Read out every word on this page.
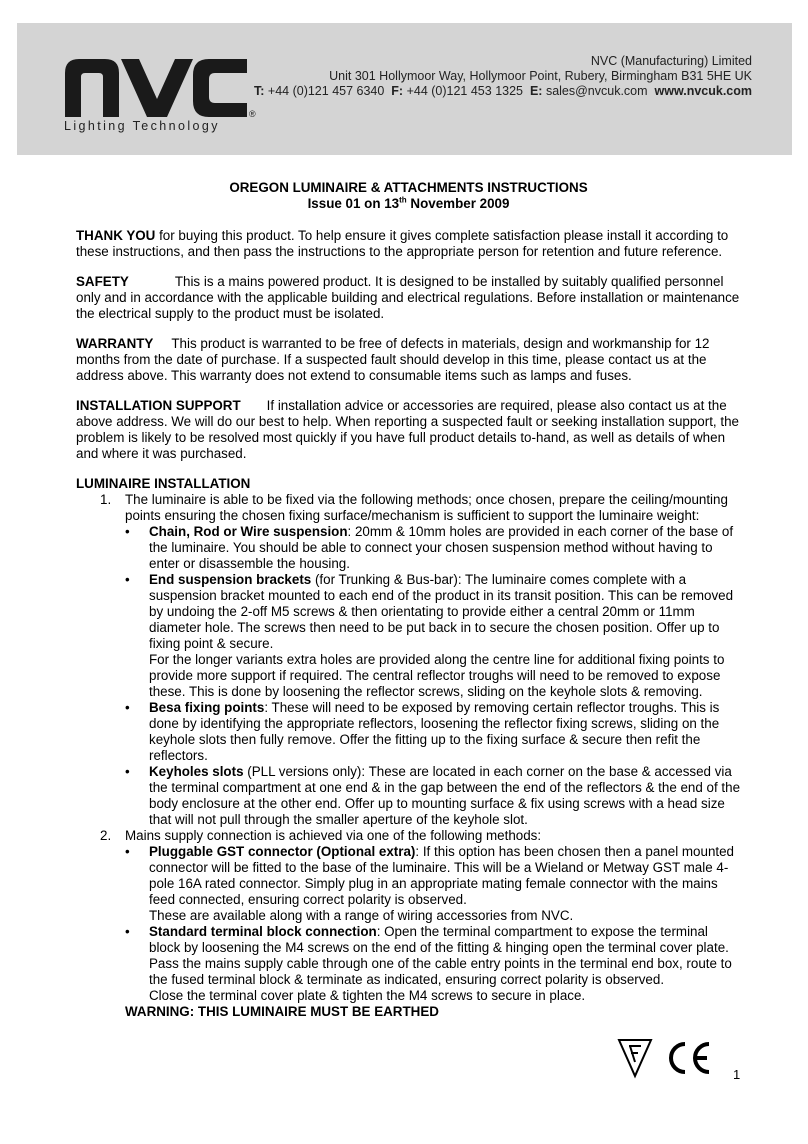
®
Lighting Technology
NVC (Manufacturing) Limited
Unit 301 Hollymoor Way, Hollymoor Point, Rubery, Birmingham B31 5HE UK
T: +44 (0)121 457 6340 F: +44 (0)121 453 1325 E: sales@nvcuk.com www.nvcuk.com
OREGON LUMINAIRE & ATTACHMENTS INSTRUCTIONS
Issue 01 on 13th November 2009
THANK YOU for buying this product. To help ensure it gives complete satisfaction please install it according to these instructions, and then pass the instructions to the appropriate person for retention and future reference.
SAFETY	This is a mains powered product. It is designed to be installed by suitably qualified personnel only and in accordance with the applicable building and electrical regulations. Before installation or maintenance the electrical supply to the product must be isolated.
WARRANTY This product is warranted to be free of defects in materials, design and workmanship for 12 months from the date of purchase. If a suspected fault should develop in this time, please contact us at the address above. This warranty does not extend to consumable items such as lamps and fuses.
INSTALLATION SUPPORT If installation advice or accessories are required, please also contact us at the above address. We will do our best to help. When reporting a suspected fault or seeking installation support, the problem is likely to be resolved most quickly if you have full product details to-hand, as well as details of when and where it was purchased.
LUMINAIRE INSTALLATION
1. The luminaire is able to be fixed via the following methods; once chosen, prepare the ceiling/mounting points ensuring the chosen fixing surface/mechanism is sufficient to support the luminaire weight:
• Chain, Rod or Wire suspension: 20mm & 10mm holes are provided in each corner of the base of the luminaire. You should be able to connect your chosen suspension method without having to enter or disassemble the housing.
• End suspension brackets (for Trunking & Bus-bar): The luminaire comes complete with a suspension bracket mounted to each end of the product in its transit position. This can be removed by undoing the 2-off M5 screws & then orientating to provide either a central 20mm or 11mm diameter hole. The screws then need to be put back in to secure the chosen position. Offer up to fixing point & secure.
For the longer variants extra holes are provided along the centre line for additional fixing points to provide more support if required. The central reflector troughs will need to be removed to expose these. This is done by loosening the reflector screws, sliding on the keyhole slots & removing.
• Besa fixing points: These will need to be exposed by removing certain reflector troughs. This is done by identifying the appropriate reflectors, loosening the reflector fixing screws, sliding on the keyhole slots then fully remove. Offer the fitting up to the fixing surface & secure then refit the reflectors.
• Keyholes slots (PLL versions only): These are located in each corner on the base & accessed via the terminal compartment at one end & in the gap between the end of the reflectors & the end of the body enclosure at the other end. Offer up to mounting surface & fix using screws with a head size that will not pull through the smaller aperture of the keyhole slot.
2. Mains supply connection is achieved via one of the following methods:
• Pluggable GST connector (Optional extra): If this option has been chosen then a panel mounted connector will be fitted to the base of the luminaire. This will be a Wieland or Metway GST male 4-pole 16A rated connector. Simply plug in an appropriate mating female connector with the mains feed connected, ensuring correct polarity is observed.
These are available along with a range of wiring accessories from NVC.
• Standard terminal block connection: Open the terminal compartment to expose the terminal block by loosening the M4 screws on the end of the fitting & hinging open the terminal cover plate. Pass the mains supply cable through one of the cable entry points in the terminal end box, route to the fused terminal block & terminate as indicated, ensuring correct polarity is observed.
Close the terminal cover plate & tighten the M4 screws to secure in place.
WARNING: THIS LUMINAIRE MUST BE EARTHED
1
